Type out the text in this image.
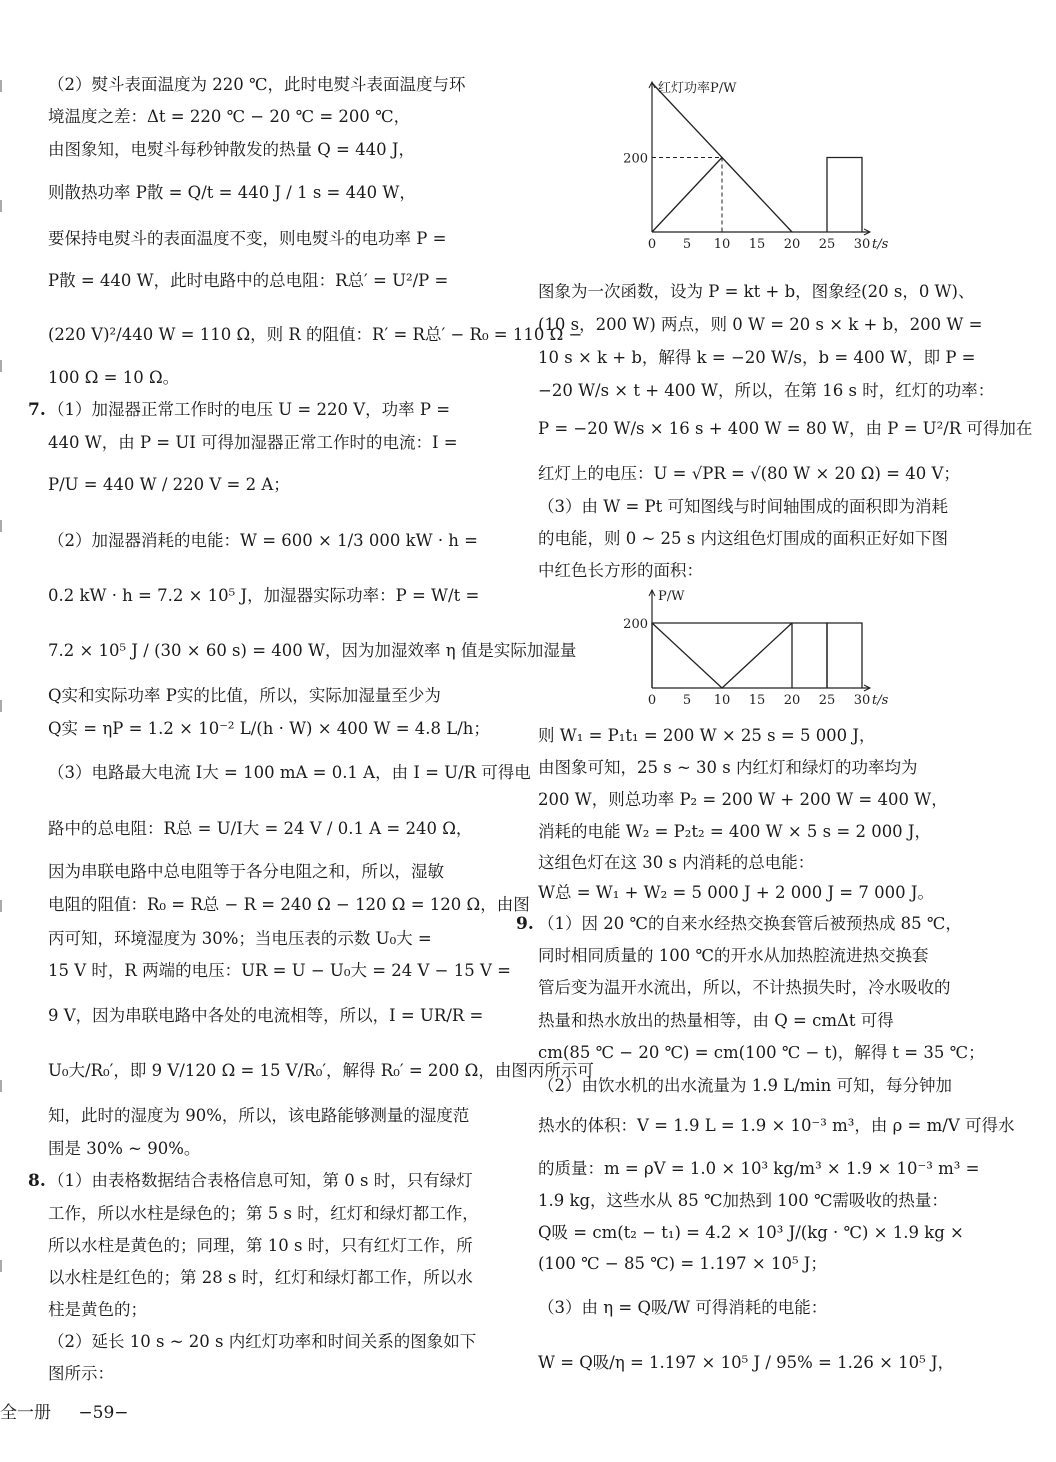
7.
8.
9.
（2）熨斗表面温度为 220 ℃，此时电熨斗表面温度与环
境温度之差：Δt = 220 ℃ − 20 ℃ = 200 ℃，
由图象知，电熨斗每秒钟散发的热量 Q = 440 J，
则散热功率 P散 = Q/t = 440 J / 1 s = 440 W，
要保持电熨斗的表面温度不变，则电熨斗的电功率 P =
P散 = 440 W，此时电路中的总电阻：R总′ = U²/P =
(220 V)²/440 W = 110 Ω，则 R 的阻值：R′ = R总′ − R₀ = 110 Ω −
100 Ω = 10 Ω。
（1）加湿器正常工作时的电压 U = 220 V，功率 P =
440 W，由 P = UI 可得加湿器正常工作时的电流：I =
P/U = 440 W / 220 V = 2 A；
（2）加湿器消耗的电能：W = 600 × 1/3 000 kW · h =
0.2 kW · h = 7.2 × 10⁵ J，加湿器实际功率：P = W/t =
7.2 × 10⁵ J / (30 × 60 s) = 400 W，因为加湿效率 η 值是实际加湿量
Q实和实际功率 P实的比值，所以，实际加湿量至少为
Q实 = ηP = 1.2 × 10⁻² L/(h · W) × 400 W = 4.8 L/h；
（3）电路最大电流 I大 = 100 mA = 0.1 A，由 I = U/R 可得电
路中的总电阻：R总 = U/I大 = 24 V / 0.1 A = 240 Ω，
因为串联电路中总电阻等于各分电阻之和，所以，湿敏
电阻的阻值：R₀ = R总 − R = 240 Ω − 120 Ω = 120 Ω，由图
丙可知，环境湿度为 30%；当电压表的示数 U₀大 =
15 V 时，R 两端的电压：UR = U − U₀大 = 24 V − 15 V =
9 V，因为串联电路中各处的电流相等，所以，I = UR/R =
U₀大/R₀′，即 9 V/120 Ω = 15 V/R₀′，解得 R₀′ = 200 Ω，由图丙所示可
知，此时的湿度为 90%，所以，该电路能够测量的湿度范
围是 30% ~ 90%。
（1）由表格数据结合表格信息可知，第 0 s 时，只有绿灯
工作，所以水柱是绿色的；第 5 s 时，红灯和绿灯都工作，
所以水柱是黄色的；同理，第 10 s 时，只有红灯工作，所
以水柱是红色的；第 28 s 时，红灯和绿灯都工作，所以水
柱是黄色的；
（2）延长 10 s ~ 20 s 内红灯功率和时间关系的图象如下
图所示：
红灯功率P/W
0 5 10 15 20 25 30 t/s
200
图象为一次函数，设为 P = kt + b，图象经(20 s，0 W)、
(10 s，200 W) 两点，则 0 W = 20 s × k + b，200 W =
10 s × k + b，解得 k = −20 W/s，b = 400 W，即 P =
−20 W/s × t + 400 W，所以，在第 16 s 时，红灯的功率：
P = −20 W/s × 16 s + 400 W = 80 W，由 P = U²/R 可得加在
红灯上的电压：U = √PR = √(80 W × 20 Ω) = 40 V；
（3）由 W = Pt 可知图线与时间轴围成的面积即为消耗
的电能，则 0 ~ 25 s 内这组色灯围成的面积正好如下图
中红色长方形的面积：
P/W
0 5 10 15 20 25 30 t/s
200
则 W₁ = P₁t₁ = 200 W × 25 s = 5 000 J，
由图象可知，25 s ~ 30 s 内红灯和绿灯的功率均为
200 W，则总功率 P₂ = 200 W + 200 W = 400 W，
消耗的电能 W₂ = P₂t₂ = 400 W × 5 s = 2 000 J，
这组色灯在这 30 s 内消耗的总电能：
W总 = W₁ + W₂ = 5 000 J + 2 000 J = 7 000 J。
（1）因 20 ℃的自来水经热交换套管后被预热成 85 ℃，
同时相同质量的 100 ℃的开水从加热腔流进热交换套
管后变为温开水流出，所以，不计热损失时，冷水吸收的
热量和热水放出的热量相等，由 Q = cmΔt 可得
cm(85 ℃ − 20 ℃) = cm(100 ℃ − t)，解得 t = 35 ℃；
（2）由饮水机的出水流量为 1.9 L/min 可知，每分钟加
热水的体积：V = 1.9 L = 1.9 × 10⁻³ m³，由 ρ = m/V 可得水
的质量：m = ρV = 1.0 × 10³ kg/m³ × 1.9 × 10⁻³ m³ =
1.9 kg，这些水从 85 ℃加热到 100 ℃需吸收的热量：
Q吸 = cm(t₂ − t₁) = 4.2 × 10³ J/(kg · ℃) × 1.9 kg ×
(100 ℃ − 85 ℃) = 1.197 × 10⁵ J；
（3）由 η = Q吸/W 可得消耗的电能：
W = Q吸/η = 1.197 × 10⁵ J / 95% = 1.26 × 10⁵ J，
全一册 −59−
